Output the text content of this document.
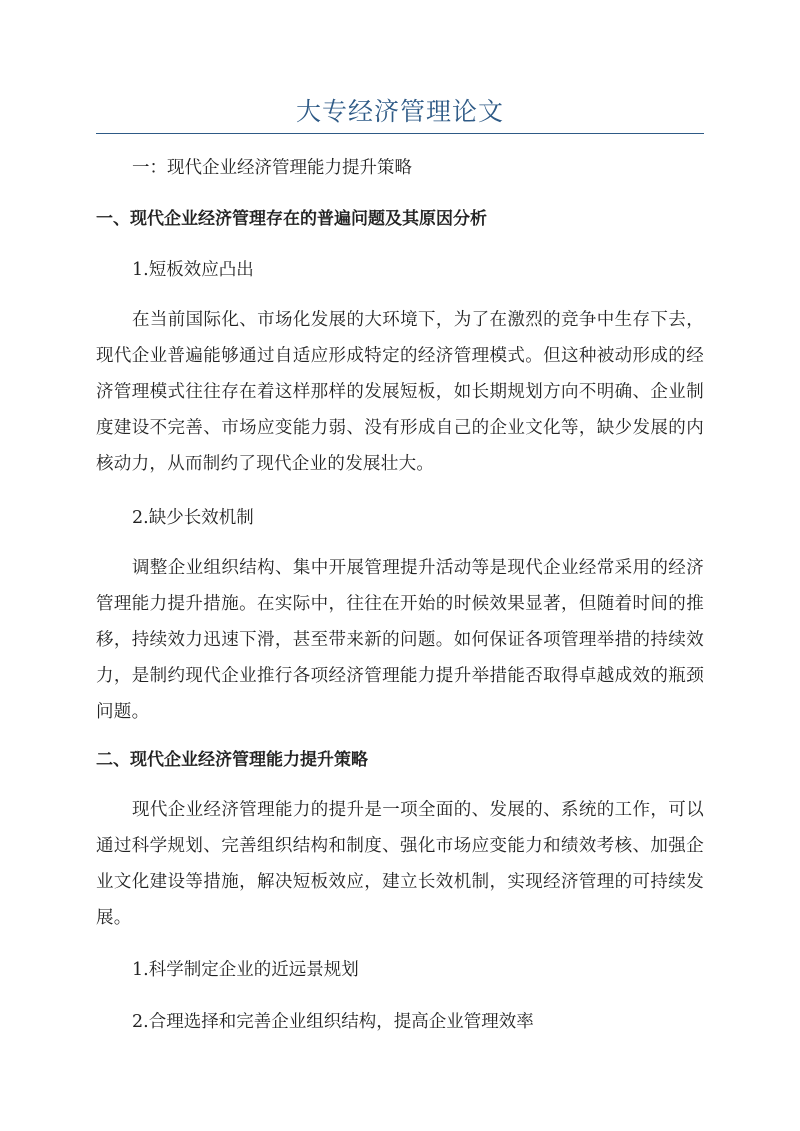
大专经济管理论文
一：现代企业经济管理能力提升策略
一、现代企业经济管理存在的普遍问题及其原因分析
1.短板效应凸出
在当前国际化、市场化发展的大环境下，为了在激烈的竞争中生存下去，现代企业普遍能够通过自适应形成特定的经济管理模式。但这种被动形成的经济管理模式往往存在着这样那样的发展短板，如长期规划方向不明确、企业制度建设不完善、市场应变能力弱、没有形成自己的企业文化等，缺少发展的内核动力，从而制约了现代企业的发展壮大。
2.缺少长效机制
调整企业组织结构、集中开展管理提升活动等是现代企业经常采用的经济管理能力提升措施。在实际中，往往在开始的时候效果显著，但随着时间的推移，持续效力迅速下滑，甚至带来新的问题。如何保证各项管理举措的持续效力，是制约现代企业推行各项经济管理能力提升举措能否取得卓越成效的瓶颈问题。
二、现代企业经济管理能力提升策略
现代企业经济管理能力的提升是一项全面的、发展的、系统的工作，可以通过科学规划、完善组织结构和制度、强化市场应变能力和绩效考核、加强企业文化建设等措施，解决短板效应，建立长效机制，实现经济管理的可持续发展。
1.科学制定企业的近远景规划
2.合理选择和完善企业组织结构，提高企业管理效率
